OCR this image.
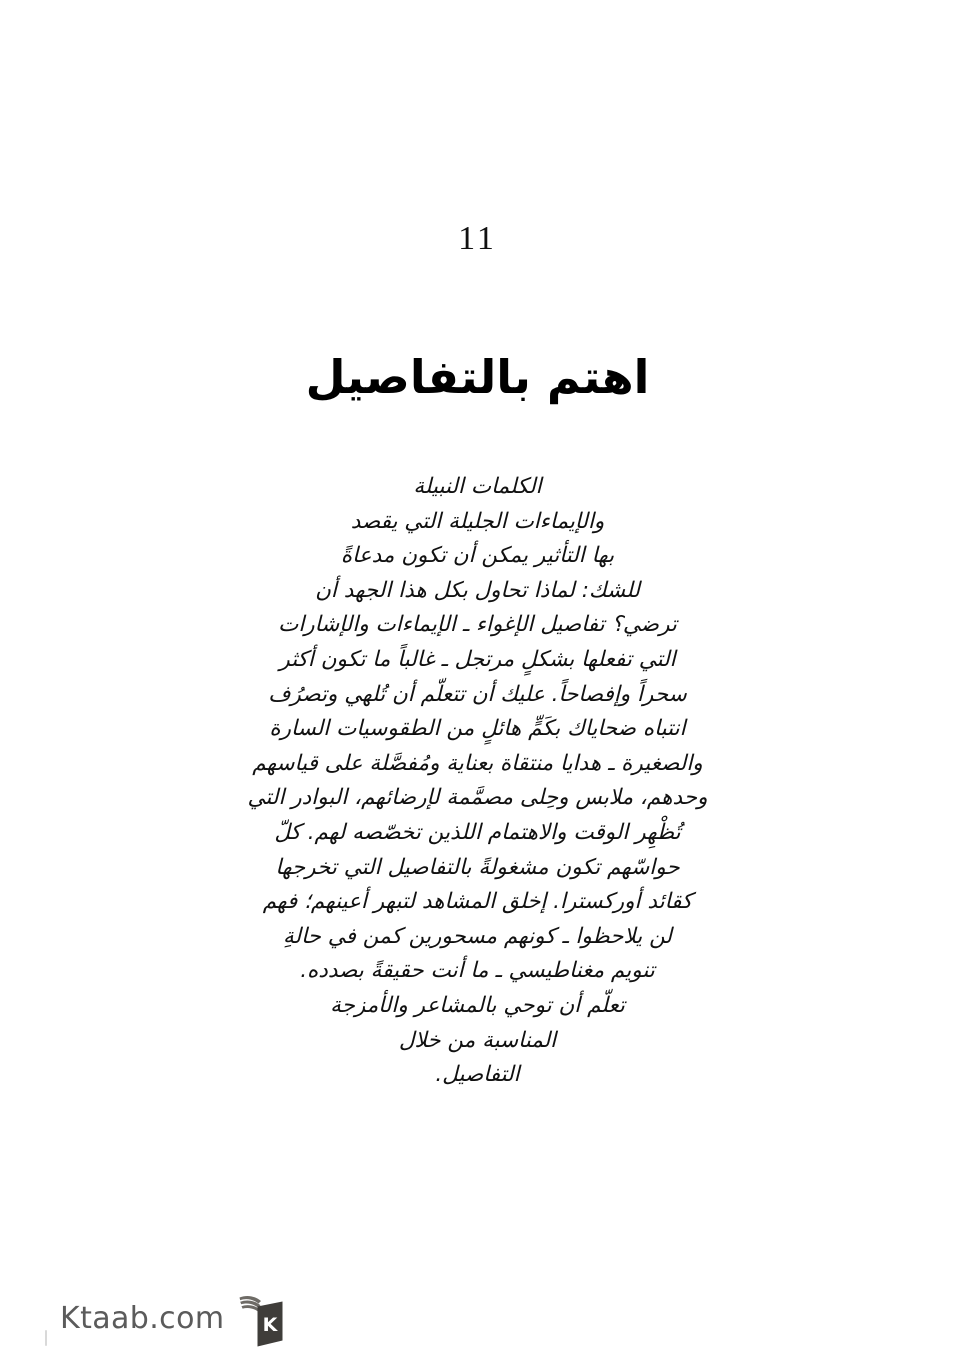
11
اهتم بالتفاصيل
الكلمات النبيلة
والإيماءات الجليلة التي يقصد
بها التأثير يمكن أن تكون مدعاةً
للشك: لماذا تحاول بكل هذا الجهد أن
ترضي؟ تفاصيل الإغواء ـ الإيماءات والإشارات
التي تفعلها بشكلٍ مرتجل ـ غالباً ما تكون أكثر
سحراً وإفصاحاً. عليك أن تتعلّم أن تُلهي وتصرُف
انتباه ضحاياك بكَمٍّ هائلٍ من الطقوسيات السارة
والصغيرة ـ هدايا منتقاة بعناية ومُفصَّلة على قياسهم
وحدهم، ملابس وحِلى مصمَّمة لإرضائهم، البوادر التي
تُظْهِر الوقت والاهتمام اللذين تخصّصه لهم. كلّ
حواسّهم تكون مشغولةً بالتفاصيل التي تخرجها
كقائد أوركسترا. إخلق المشاهد لتبهر أعينهم؛ فهم
لن يلاحظوا ـ كونهم مسحورين كمن في حالةِ
تنويم مغناطيسي ـ ما أنت حقيقةً بصدده.
تعلّم أن توحي بالمشاعر والأمزجة
المناسبة من خلال
التفاصيل.
K
Ktaab.com
